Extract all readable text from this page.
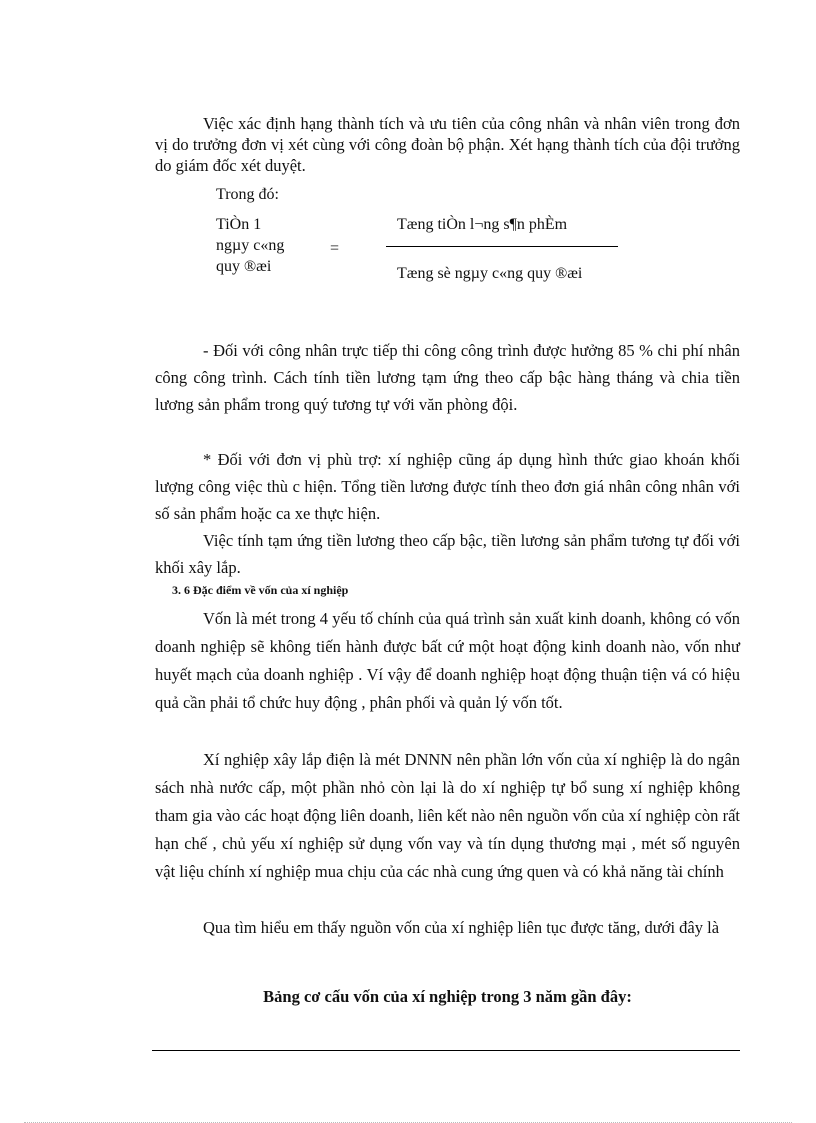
Việc xác định hạng thành tích và ưu tiên của công nhân và nhân viên trong đơn vị do trưởng đơn vị xét cùng với công đoàn bộ phận. Xét hạng thành tích của đội trưởng do giám đốc xét duyệt.

Trong đó:
TiÒn 1
ngµy c«ng
quy ®æi
=
Tæng tiÒn l¬ng s¶n phÈm
Tæng sè ngµy c«ng quy ®æi

- Đối với công nhân trực tiếp thi công công trình được hưởng 85 % chi phí nhân công công trình. Cách tính tiền lương tạm ứng theo cấp bậc hàng tháng và chia tiền lương sản phẩm trong quý tương tự với văn phòng đội.

* Đối với đơn vị phù trợ: xí nghiệp cũng áp dụng hình thức giao khoán khối lượng công việc thù c hiện. Tổng tiền lương được tính theo đơn giá nhân công nhân với số sản phẩm hoặc ca xe thực hiện.

Việc tính tạm ứng tiền lương theo cấp bậc, tiền lương sản phẩm tương tự đối với khối xây lắp.

3. 6 Đặc điểm về vốn của xí nghiệp

Vốn là mét trong 4 yếu tố chính của quá trình sản xuất kinh doanh, không có vốn doanh nghiệp sẽ không tiến hành được bất cứ một hoạt động kinh doanh nào, vốn như huyết mạch của doanh nghiệp . Ví vậy để doanh nghiệp hoạt động thuận tiện vá có hiệu quả cần phải tổ chức huy động , phân phối và quản lý vốn tốt.

Xí nghiệp xây lắp điện là mét DNNN nên phần lớn vốn của xí nghiệp là do ngân sách nhà nước cấp, một phần nhỏ còn lại là do xí nghiệp tự bổ sung xí nghiệp không tham gia vào các hoạt động liên doanh, liên kết nào nên nguồn vốn của xí nghiệp còn rất hạn chế , chủ yếu xí nghiệp sử dụng vốn vay và tín dụng thương mại , mét số nguyên vật liệu chính xí nghiệp mua chịu của các nhà cung ứng quen và có khả năng tài chính

Qua tìm hiểu em thấy nguồn vốn của xí nghiệp liên tục được tăng, dưới đây là

Bảng cơ cấu vốn của xí nghiệp trong 3 năm gần đây:
